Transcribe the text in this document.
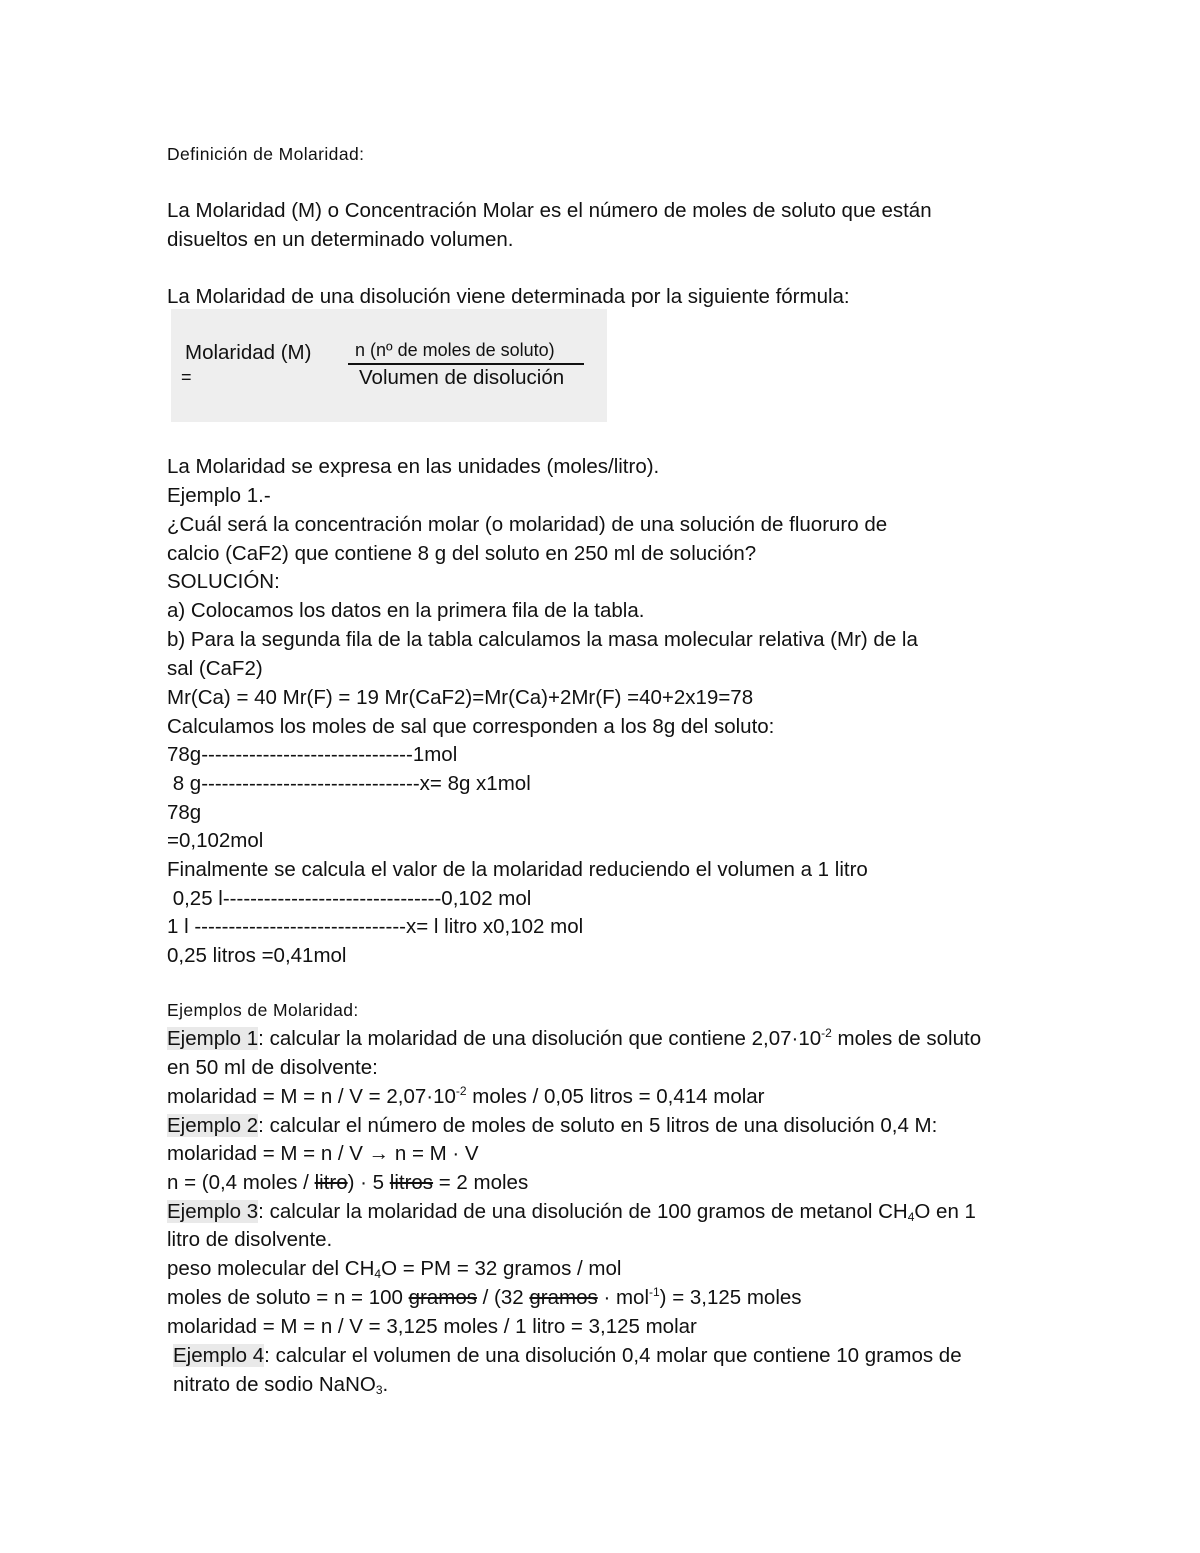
Definición de Molaridad:
La Molaridad (M) o Concentración Molar es el número de moles de soluto que están
disueltos en un determinado volumen.
La Molaridad de una disolución viene determinada por la siguiente fórmula:
Molaridad (M)
=
n (nº de moles de soluto)
Volumen de disolución
La Molaridad se expresa en las unidades (moles/litro).
Ejemplo 1.-
¿Cuál será la concentración molar (o molaridad) de una solución de fluoruro de
calcio (CaF2) que contiene 8 g del soluto en 250 ml de solución?
SOLUCIÓN:
a) Colocamos los datos en la primera fila de la tabla.
b) Para la segunda fila de la tabla calculamos la masa molecular relativa (Mr) de la
sal (CaF2)
Mr(Ca) = 40 Mr(F) = 19 Mr(CaF2)=Mr(Ca)+2Mr(F) =40+2x19=78
Calculamos los moles de sal que corresponden a los 8g del soluto:
78g-------------------------------1mol
8 g--------------------------------x= 8g x1mol
78g
=0,102mol
Finalmente se calcula el valor de la molaridad reduciendo el volumen a 1 litro
0,25 l--------------------------------0,102 mol
1 l -------------------------------x= l litro x0,102 mol
0,25 litros =0,41mol
Ejemplos de Molaridad:
Ejemplo 1: calcular la molaridad de una disolución que contiene $2,07\cdot 10^{-2}$ moles de soluto
en 50 ml de disolvente:
molaridad = $M = n / V = 2,07\cdot 10^{-2}$ moles / 0,05 litros = 0,414 molar
Ejemplo 2: calcular el número de moles de soluto en 5 litros de una disolución 0,4 M:
molaridad = M = n / V → n = M · V
n = (0,4 moles / litro) · 5 litros = 2 moles
Ejemplo 3: calcular la molaridad de una disolución de 100 gramos de metanol $CH_4O$ en 1
litro de disolvente.
peso molecular del $CH_4O$ = PM = 32 gramos / mol
moles de soluto = n = 100 gramos / (32 gramos · mol$^{-1}$) = 3,125 moles
molaridad = M = n / V = 3,125 moles / 1 litro = 3,125 molar
Ejemplo 4: calcular el volumen de una disolución 0,4 molar que contiene 10 gramos de
nitrato de sodio NaNO$_3$.
